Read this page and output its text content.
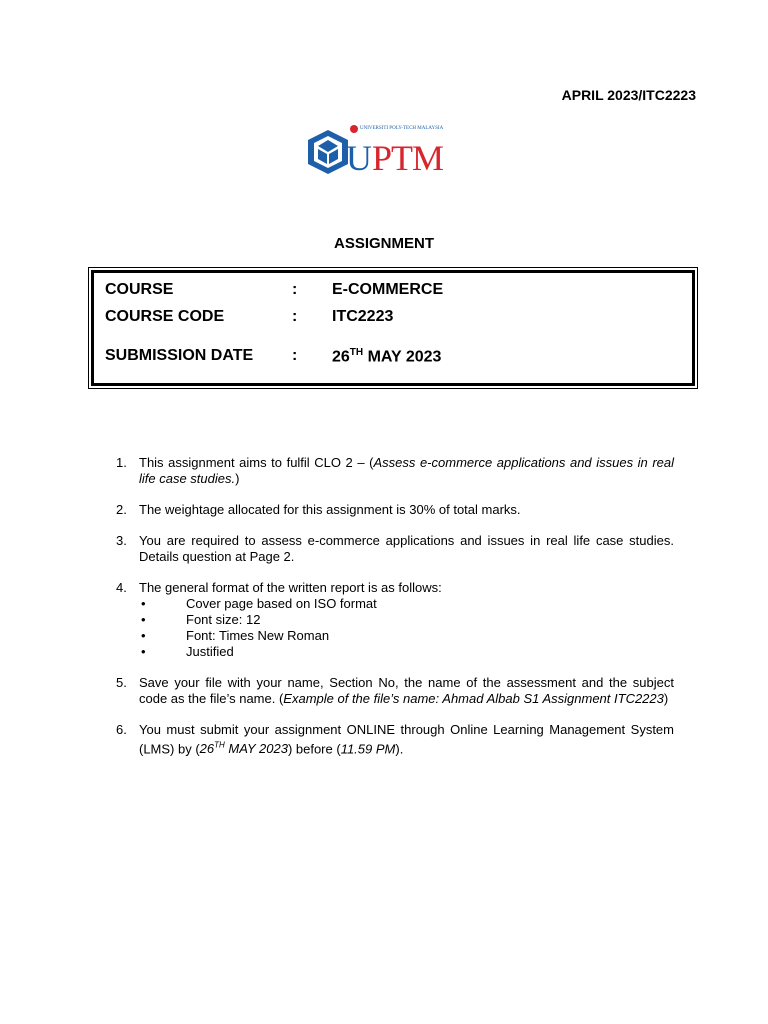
APRIL 2023/ITC2223
U PTM
UNIVERSITI POLY-TECH MALAYSIA
ASSIGNMENT
COURSE	: E-COMMERCE
COURSE CODE	: ITC2223
SUBMISSION DATE : 26TH MAY 2023
1. This assignment aims to fulfil CLO 2 – (Assess e-commerce applications and issues in real life case studies.)
2. The weightage allocated for this assignment is 30% of total marks.
3. You are required to assess e-commerce applications and issues in real life case studies. Details question at Page 2.
4. The general format of the written report is as follows:
•	Cover page based on ISO format
•	Font size: 12
•	Font: Times New Roman
•	Justified
5. Save your file with your name, Section No, the name of the assessment and the subject code as the file’s name. (Example of the file’s name: Ahmad Albab S1 Assignment ITC2223)
6. You must submit your assignment ONLINE through Online Learning Management System (LMS) by (26TH MAY 2023) before (11.59 PM).
